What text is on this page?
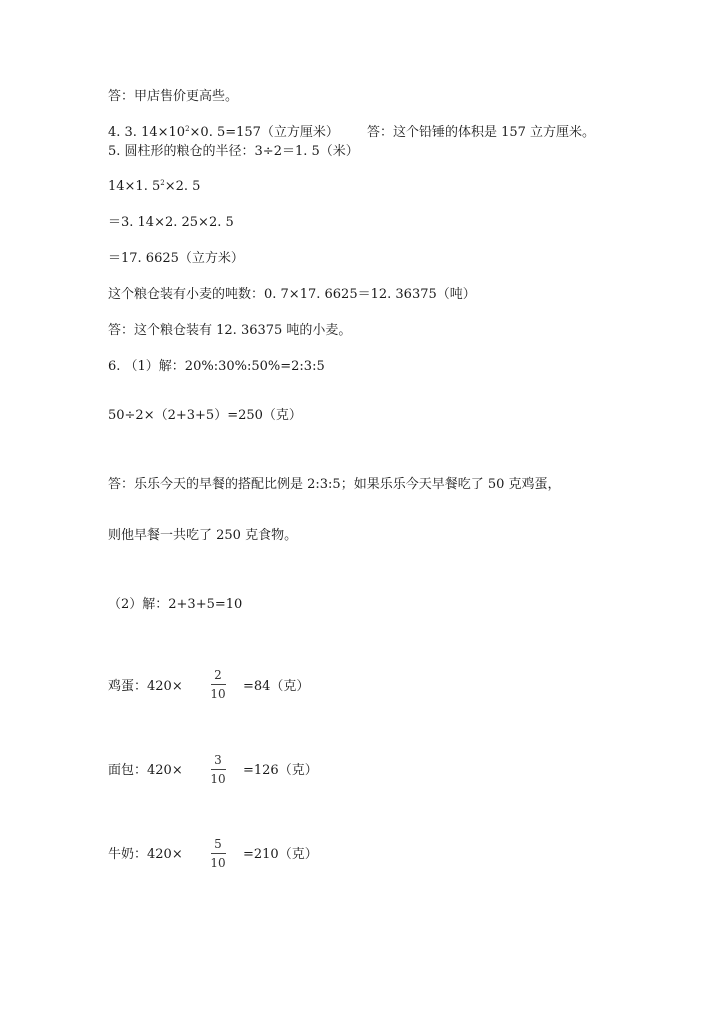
答：甲店售价更高些。
4. 3. $14\times 10^2\times 0$. 5=157（立方厘米） 答：这个铅锤的体积是 157 立方厘米。
5. 圆柱形的粮仓的半径：3÷2＝1. 5（米）
14×1. $5^2\times 2$. 5
＝3. 14×2. 25×2. 5
＝17. 6625（立方米）
这个粮仓装有小麦的吨数：0. 7×17. 6625＝12. 36375（吨）
答：这个粮仓装有 12. 36375 吨的小麦。
6. （1）解：20%:30%:50%=2:3:5
50÷2×（2+3+5）=250（克）
答：乐乐今天的早餐的搭配比例是 2:3:5；如果乐乐今天早餐吃了 50 克鸡蛋，
则他早餐一共吃了 250 克食物。
（2）解：2+3+5=10
鸡蛋：420×
2
10 =84（克）
面包：420×
3
10
=126（克）
牛奶：420×
5
10
=210（克）
